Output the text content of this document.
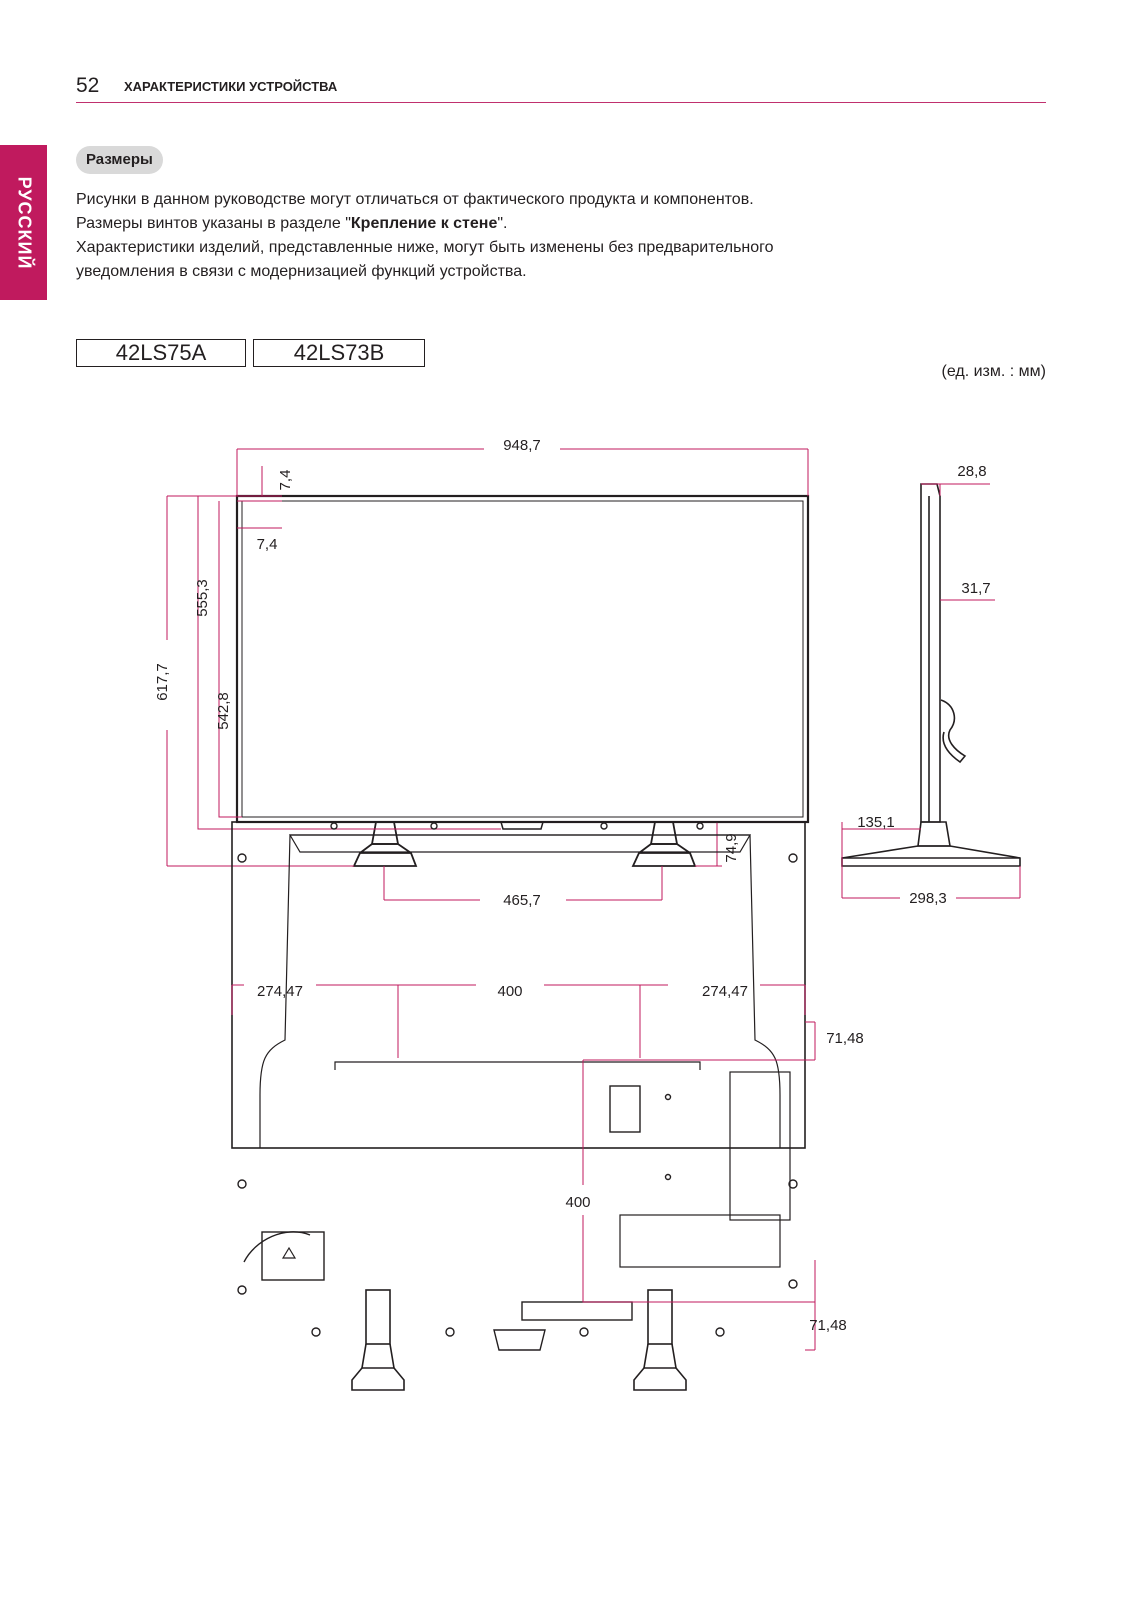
52 ХАРАКТЕРИСТИКИ УСТРОЙСТВА
РУССКИЙ
Размеры

Рисунки в данном руководстве могут отличаться от фактического продукта и компонентов.

Размеры винтов указаны в разделе "Крепление к стене".

Характеристики изделий, представленные ниже, могут быть изменены без предварительного

уведомления в связи с модернизацией функций устройства.

42LS75A	42LS73B
(ед. изм. : мм)
948,7
7,4
7,4
555,3
617,7
542,8
74,9
465,7
28,8
31,7
135,1
298,3
274,47	400	274,47
71,48
400
71,48
